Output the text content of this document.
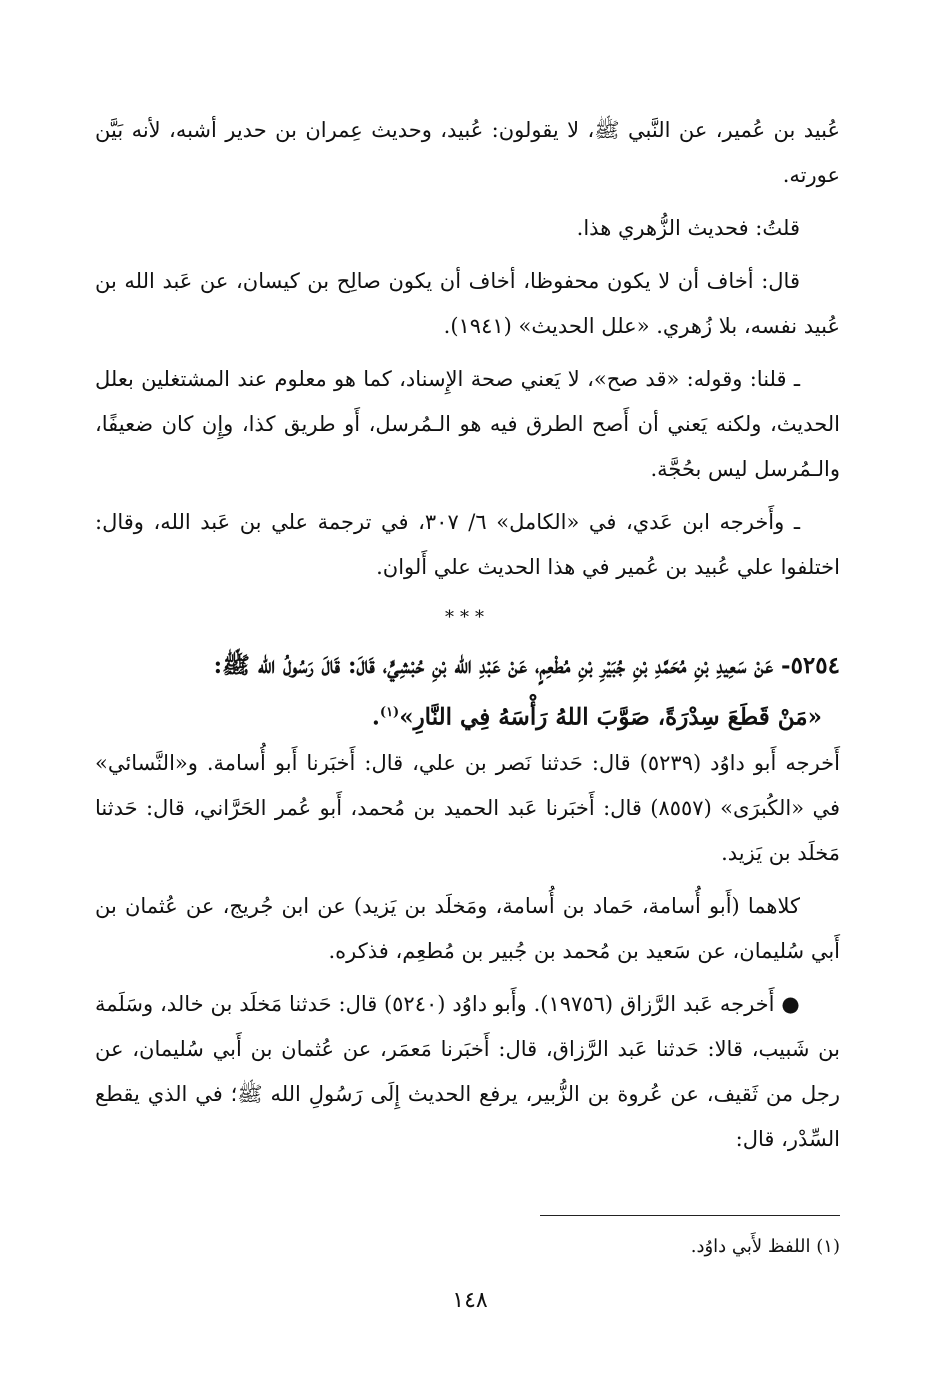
عُبيد بن عُمير، عن النَّبي ﷺ، لا يقولون: عُبيد، وحديث عِمران بن حدير أشبه، لأنه بَيَّن عورته.

قلتُ: فحديث الزُّهري هذا.

قال: أخاف أن لا يكون محفوظا، أخاف أن يكون صالِح بن كيسان، عن عَبد الله بن عُبيد نفسه، بلا زُهري. «علل الحديث» (١٩٤١).

ـ قلنا: وقوله: «قد صح»، لا يَعني صحة الإِسناد، كما هو معلوم عند المشتغلين بعلل الحديث، ولكنه يَعني أن أَصح الطرق فيه هو الـمُرسل، أَو طريق كذا، وإِن كان ضعيفًا، والـمُرسل ليس بحُجَّة.

ـ وأَخرجه ابن عَدي، في «الكامل» ٦/ ٣٠٧، في ترجمة علي بن عَبد الله، وقال: اختلفوا علي عُبيد بن عُمير في هذا الحديث علي أَلوان.

***

٥٢٥٤- عَنْ سَعِيدِ بْنِ مُحَمَّدِ بْنِ جُبَيْرِ بْنِ مُطْعِمٍ، عَنْ عَبْدِ الله بْنِ حُبْشِيٍّ، قَالَ: قَالَ رَسُولُ الله ﷺ:

«مَنْ قَطَعَ سِدْرَةً، صَوَّبَ اللهُ رَأْسَهُ فِي النَّارِ»$^{(١)}$.

أَخرجه أَبو داوُد (٥٢٣٩) قال: حَدثنا نَصر بن علي، قال: أَخبَرنا أَبو أُسامة. و«النَّسائي» في «الكُبرَى» (٨٥٥٧) قال: أَخبَرنا عَبد الحميد بن مُحمد، أَبو عُمر الحَرَّاني، قال: حَدثنا مَخلَد بن يَزيد.

كلاهما (أَبو أُسامة، حَماد بن أُسامة، ومَخلَد بن يَزيد) عن ابن جُريج، عن عُثمان بن أَبي سُليمان، عن سَعيد بن مُحمد بن جُبير بن مُطعِم، فذكره.

● أَخرجه عَبد الرَّزاق (١٩٧٥٦). وأَبو داوُد (٥٢٤٠) قال: حَدثنا مَخلَد بن خالد، وسَلَمة بن شَبيب، قالا: حَدثنا عَبد الرَّزاق، قال: أَخبَرنا مَعمَر، عن عُثمان بن أَبي سُليمان، عن رجل من ثَقيف، عن عُروة بن الزُّبير، يرفع الحديث إِلَى رَسُولِ الله ﷺ؛ في الذي يقطع السِّدْر، قال:

(١) اللفظ لأَبي داوُد.
١٤٨
